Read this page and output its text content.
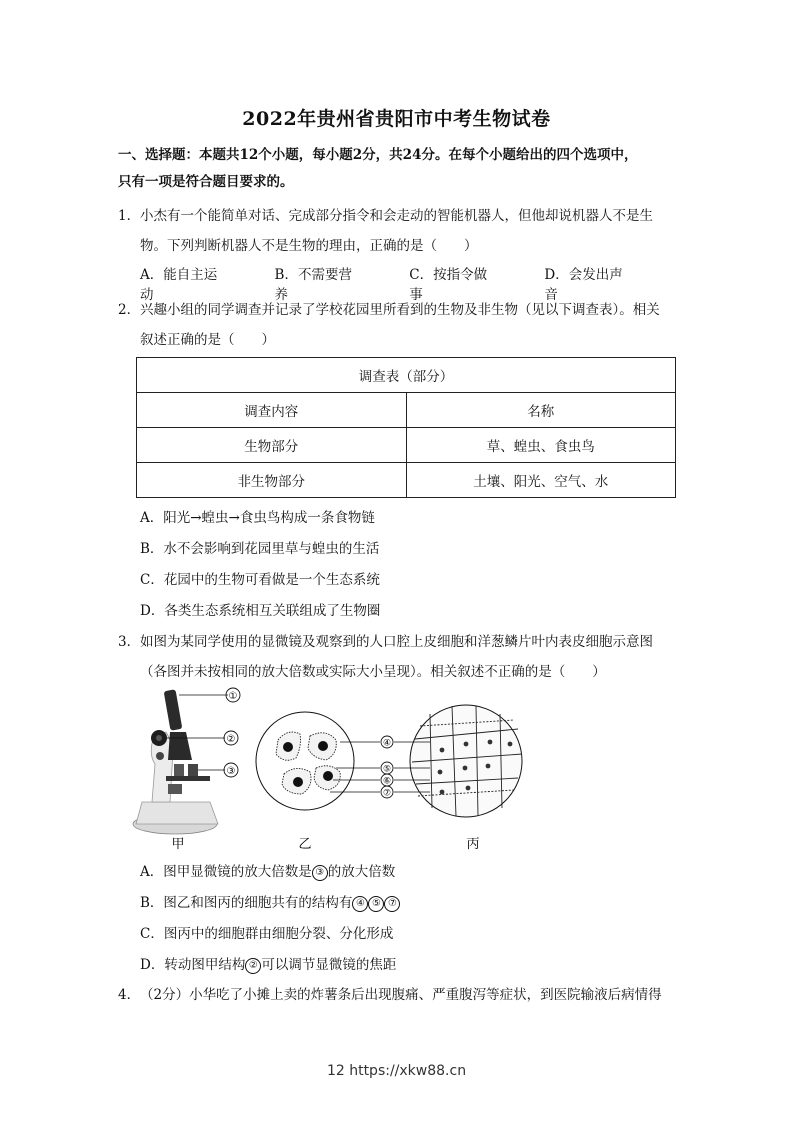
2022年贵州省贵阳市中考生物试卷
一、选择题：本题共12个小题，每小题2分，共24分。在每个小题给出的四个选项中，
只有一项是符合题目要求的。
1．小杰有一个能简单对话、完成部分指令和会走动的智能机器人，但他却说机器人不是生
物。下列判断机器人不是生物的理由，正确的是（　　）
A．能自主运动
B．不需要营养
C．按指令做事
D．会发出声音
2．兴趣小组的同学调查并记录了学校花园里所看到的生物及非生物（见以下调查表）。相关
叙述正确的是（　　）
调查表（部分）	
调查内容	名称
生物部分	草、蝗虫、食虫鸟
非生物部分	土壤、阳光、空气、水
A．阳光→蝗虫→食虫鸟构成一条食物链
B．水不会影响到花园里草与蝗虫的生活
C．花园中的生物可看做是一个生态系统
D．各类生态系统相互关联组成了生物圈
3．如图为某同学使用的显微镜及观察到的人口腔上皮细胞和洋葱鳞片叶内表皮细胞示意图
（各图并未按相同的放大倍数或实际大小呈现）。相关叙述不正确的是（　　）
①
②
③
④
⑤
⑥
⑦
甲	乙	丙
A．图甲显微镜的放大倍数是 ③ 的放大倍数
B．图乙和图丙的细胞共有的结构有 ④ ⑤ ⑦
C．图丙中的细胞群由细胞分裂、分化形成
D．转动图甲结构 ② 可以调节显微镜的焦距
4．（2分）小华吃了小摊上卖的炸薯条后出现腹痛、严重腹泻等症状，到医院输液后病情得
12 https://xkw88.cn
